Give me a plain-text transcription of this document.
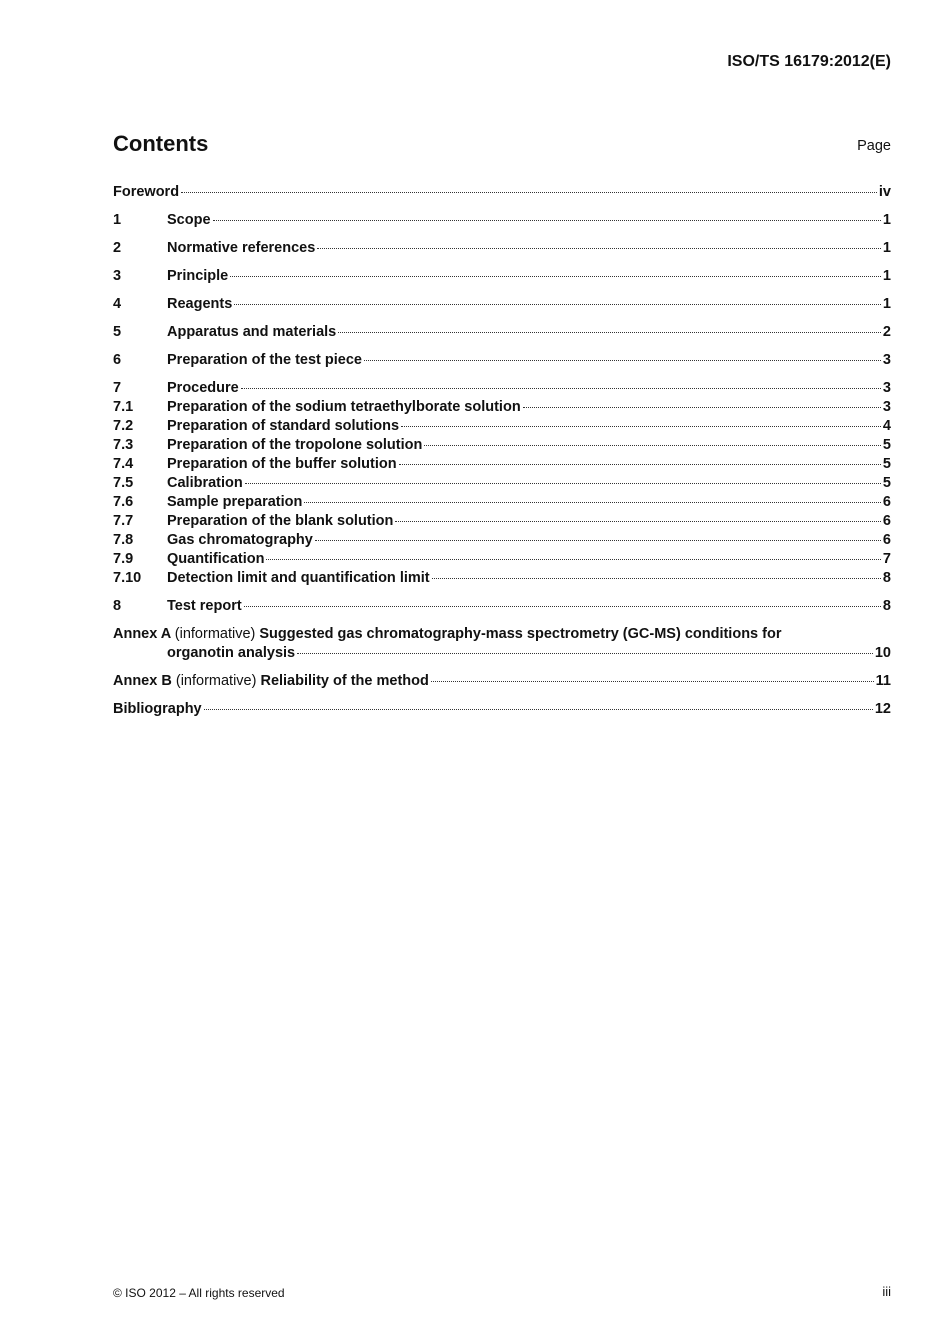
ISO/TS 16179:2012(E)
Contents	Page
Foreword	iv
1	Scope	1
2	Normative references	1
3	Principle	1
4	Reagents	1
5	Apparatus and materials	2
6	Preparation of the test piece	3
7	Procedure	3
7.1	Preparation of the sodium tetraethylborate solution	3
7.2	Preparation of standard solutions	4
7.3	Preparation of the tropolone solution	5
7.4	Preparation of the buffer solution	5
7.5	Calibration	5
7.6	Sample preparation	6
7.7	Preparation of the blank solution	6
7.8	Gas chromatography	6
7.9	Quantification	7
7.10	Detection limit and quantification limit	8
8	Test report	8
Annex A (informative) Suggested gas chromatography-mass spectrometry (GC-MS) conditions for
organotin analysis	10
Annex B (informative) Reliability of the method	11
Bibliography	12
© ISO 2012 – All rights reserved	iii
